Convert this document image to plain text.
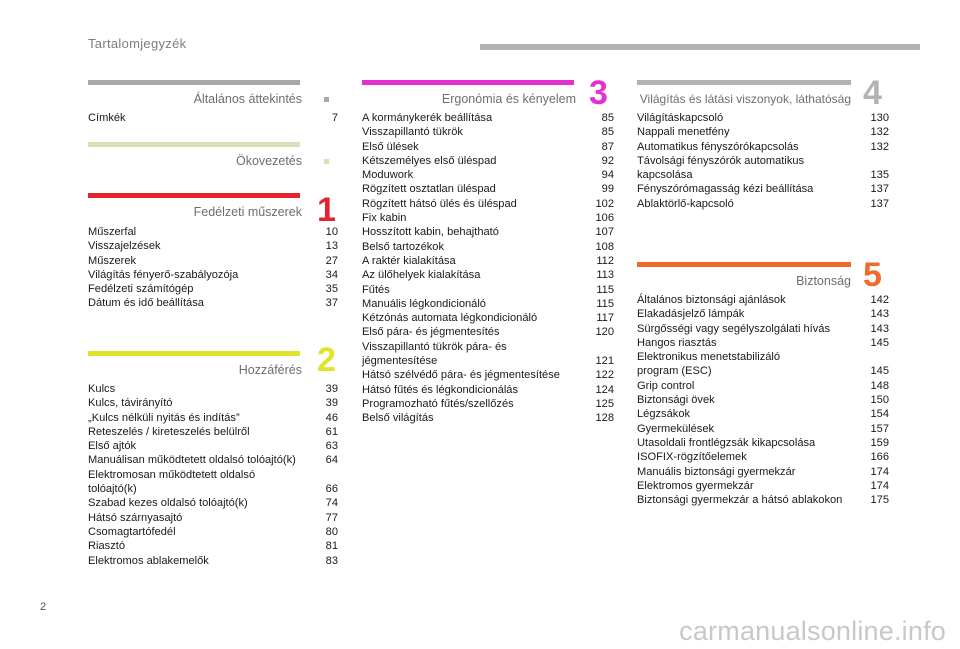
Tartalomjegyzék
Általános áttekintés
Címkék	7
Ökovezetés
Fedélzeti műszerek 1
Műszerfal	10
Visszajelzések	13
Műszerek	27
Világítás fényerő-szabályozója	34
Fedélzeti számítógép	35
Dátum és idő beállítása	37
Hozzáférés 2
Kulcs	39
Kulcs, távirányító	39
„Kulcs nélküli nyitás és indítás”	46
Reteszelés / kireteszelés belülről	61
Első ajtók	63
Manuálisan működtetett oldalsó tolóajtó(k)	64
Elektromosan működtetett oldalsó
tolóajtó(k)	66
Szabad kezes oldalsó tolóajtó(k)	74
Hátsó szárnyasajtó	77
Csomagtartófedél	80
Riasztó	81
Elektromos ablakemelők	83
Ergonómia és kényelem 3
A kormánykerék beállítása	85
Visszapillantó tükrök	85
Első ülések	87
Kétszemélyes első üléspad	92
Moduwork	94
Rögzített osztatlan üléspad	99
Rögzített hátsó ülés és üléspad	102
Fix kabin	106
Hosszított kabin, behajtható	107
Belső tartozékok	108
A raktér kialakítása	112
Az ülőhelyek kialakítása	113
Fűtés	115
Manuális légkondicionáló	115
Kétzónás automata légkondicionáló	117
Első pára- és jégmentesítés	120
Visszapillantó tükrök pára- és
jégmentesítése	121
Hátsó szélvédő pára- és jégmentesítése	122
Hátsó fűtés és légkondicionálás	124
Programozható fűtés/szellőzés	125
Belső világítás	128
Világítás és látási viszonyok, láthatóság 4
Világításkapcsoló	130
Nappali menetfény	132
Automatikus fényszórókapcsolás	132
Távolsági fényszórók automatikus
kapcsolása	135
Fényszórómagasság kézi beállítása	137
Ablaktörlő-kapcsoló	137
Biztonság 5
Általános biztonsági ajánlások	142
Elakadásjelző lámpák	143
Sürgősségi vagy segélyszolgálati hívás	143
Hangos riasztás	145
Elektronikus menetstabilizáló
program (ESC)	145
Grip control	148
Biztonsági övek	150
Légzsákok	154
Gyermekülések	157
Utasoldali frontlégzsák kikapcsolása	159
ISOFIX-rögzítőelemek	166
Manuális biztonsági gyermekzár	174
Elektromos gyermekzár	174
Biztonsági gyermekzár a hátsó ablakokon	175
2
carmanualsonline.info
